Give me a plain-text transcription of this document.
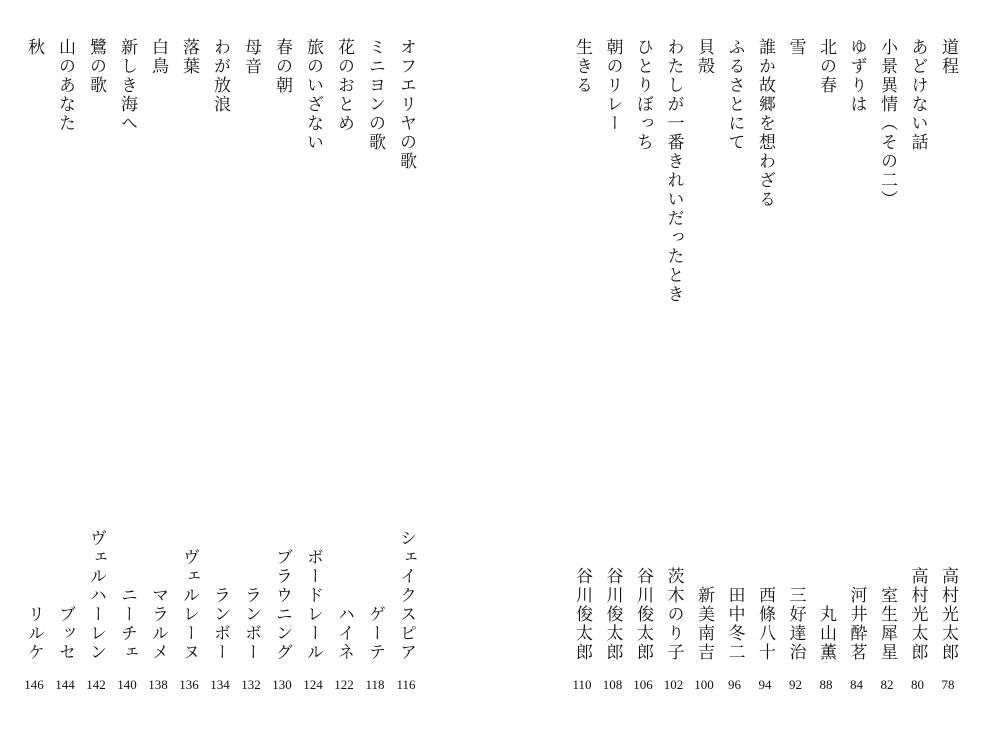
オフエリヤの歌
シェイクスピア
116
ミニヨンの歌
ゲーテ
118
花のおとめ
ハイネ
122
旅のいざない
ボードレール
124
春の朝
ブラウニング
130
母音
ランボー
132
わが放浪
ランボー
134
落葉
ヴェルレーヌ
136
白鳥
マラルメ
138
新しき海へ
ニーチェ
140
鷺の歌
ヴェルハーレン
142
山のあなた
ブッセ
144
秋
リルケ
146
道程
高村光太郎
78
あどけない話
高村光太郎
80
小景異情（その二）
室生犀星
82
ゆずりは
河井酔茗
84
北の春
丸山薫
88
雪
三好達治
92
誰か故郷を想わざる
西條八十
94
ふるさとにて
田中冬二
96
貝殻
新美南吉
100
わたしが一番きれいだったとき
茨木のり子
102
ひとりぼっち
谷川俊太郎
106
朝のリレー
谷川俊太郎
108
生きる
谷川俊太郎
110
